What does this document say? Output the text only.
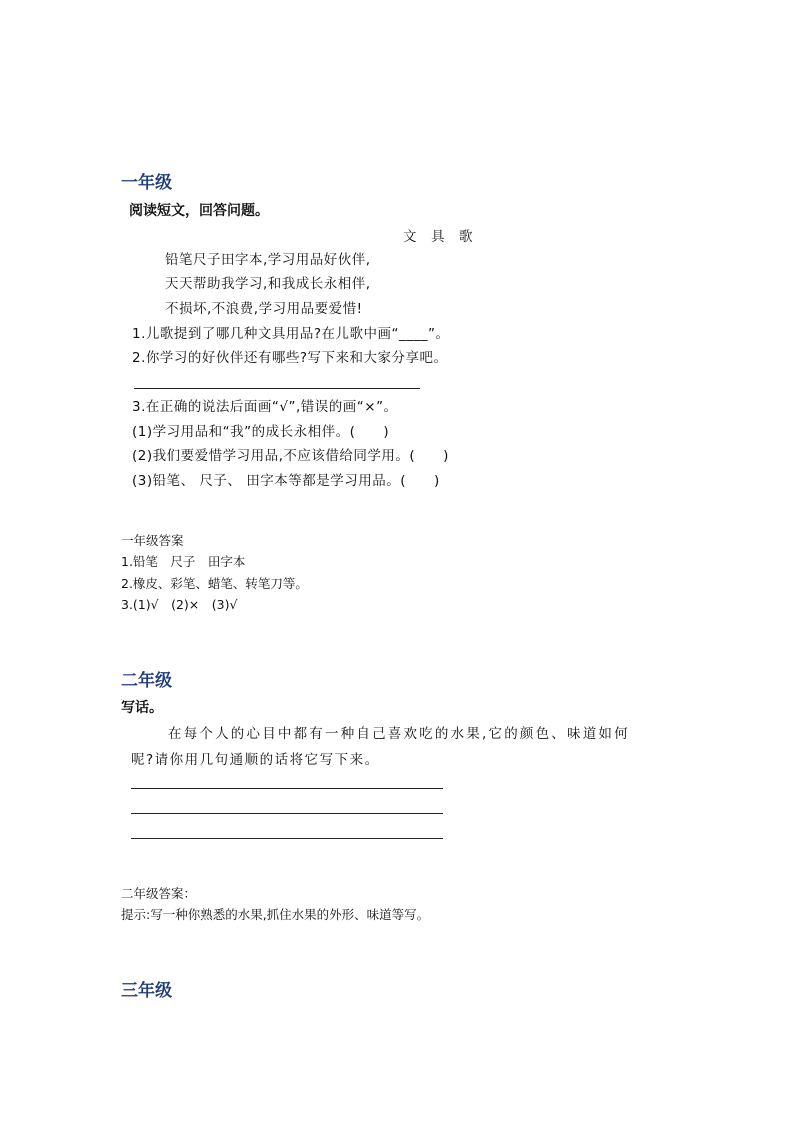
一年级
阅读短文，回答问题。
文　具　歌
铅笔尺子田字本,学习用品好伙伴,
天天帮助我学习,和我成长永相伴,
不损坏,不浪费,学习用品要爱惜!
1.儿歌提到了哪几种文具用品?在儿歌中画“____”。
2.你学习的好伙伴还有哪些?写下来和大家分享吧。
3.在正确的说法后面画“√”,错误的画“×”。
(1)学习用品和“我”的成长永相伴。(　　)
(2)我们要爱惜学习用品,不应该借给同学用。(　　)
(3)铅笔、 尺子、 田字本等都是学习用品。(　　)
一年级答案
1.铅笔　尺子　田字本
2.橡皮、彩笔、蜡笔、转笔刀等。
3.(1)√　(2)×　(3)√
二年级
写话。
在每个人的心目中都有一种自己喜欢吃的水果,它的颜色、味道如何
呢?请你用几句通顺的话将它写下来。
二年级答案：
提示:写一种你熟悉的水果,抓住水果的外形、味道等写。
三年级
